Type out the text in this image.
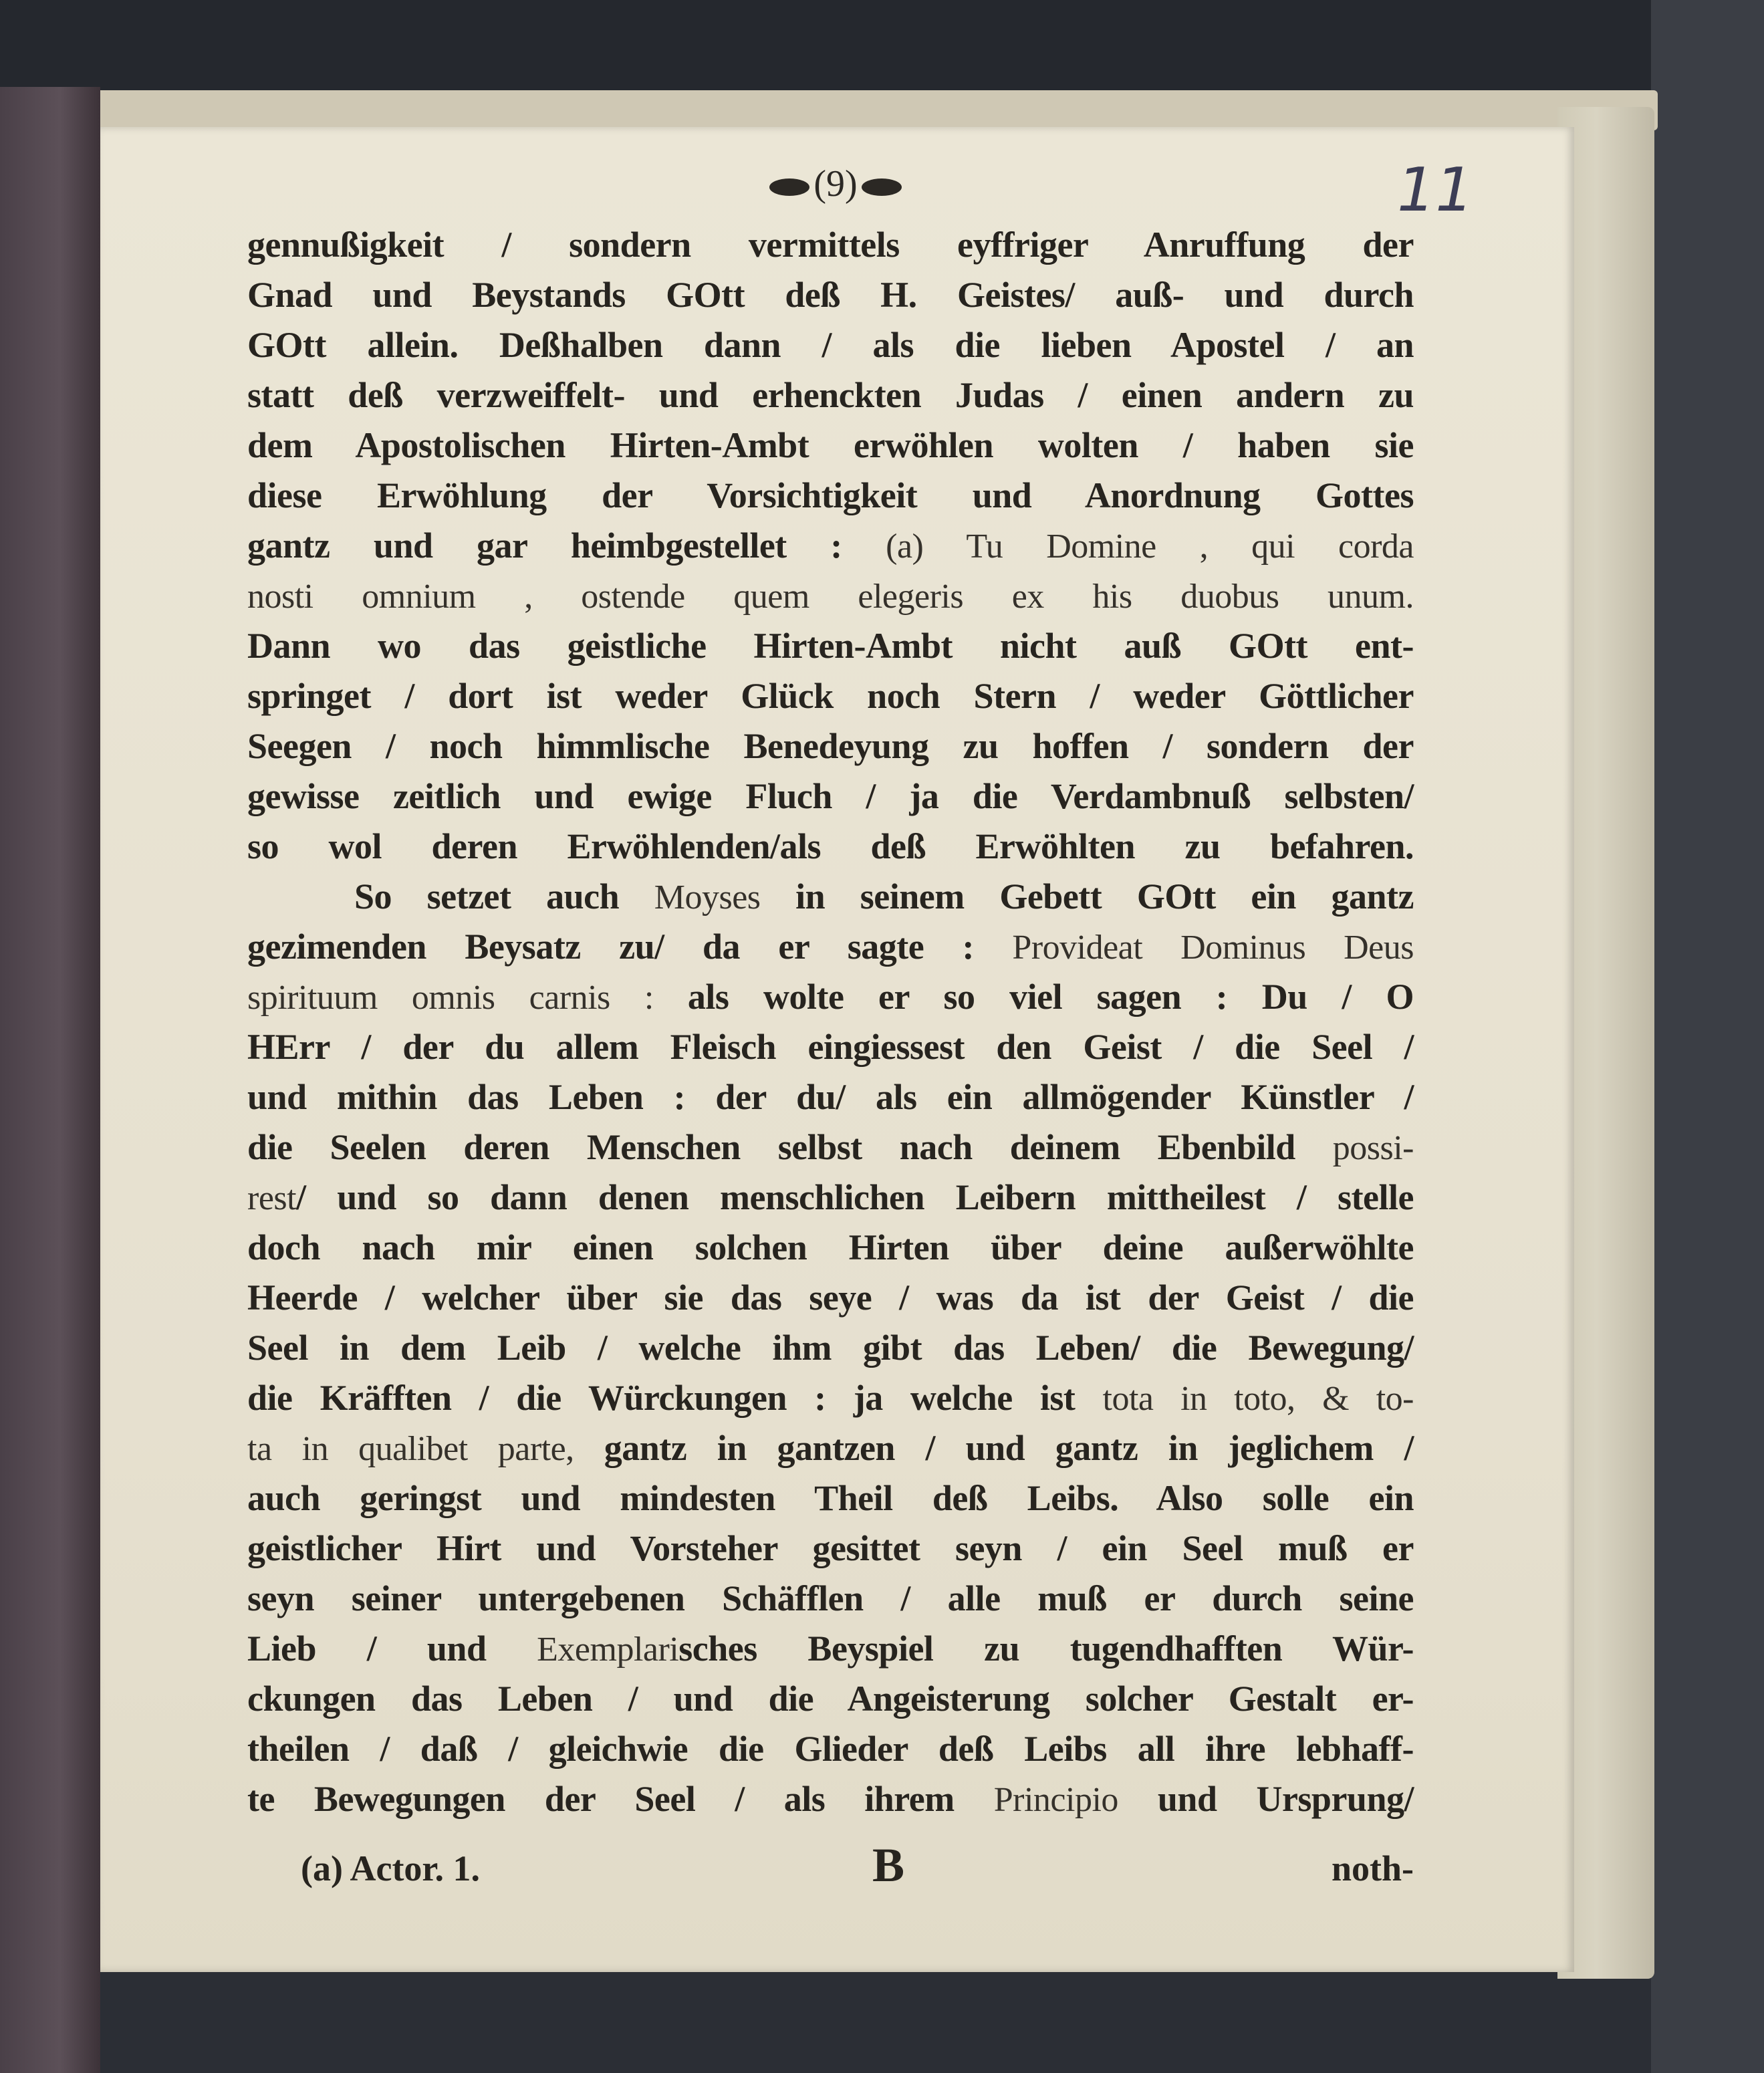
(9)	11
gennußigkeit / sondern vermittels eyffriger Anruffung der
Gnad und Beystands GOtt deß H. Geistes/ auß- und durch
GOtt allein. Deßhalben dann / als die lieben Apostel / an
statt deß verzweiffelt- und erhenckten Judas / einen andern zu
dem Apostolischen Hirten-Ambt erwöhlen wolten / haben sie
diese Erwöhlung der Vorsichtigkeit und Anordnung Gottes
gantz und gar heimbgestellet : (a) Tu Domine , qui corda
nosti omnium , ostende quem elegeris ex his duobus unum.
Dann wo das geistliche Hirten-Ambt nicht auß GOtt ent-
springet / dort ist weder Glück noch Stern / weder Göttlicher
Seegen / noch himmlische Benedeyung zu hoffen / sondern der
gewisse zeitlich und ewige Fluch / ja die Verdambnuß selbsten/
so wol deren Erwöhlenden/als deß Erwöhlten zu befahren.
So setzet auch Moyses in seinem Gebett GOtt ein gantz
gezimenden Beysatz zu/ da er sagte : Provideat Dominus Deus
spirituum omnis carnis : als wolte er so viel sagen : Du / O
HErr / der du allem Fleisch eingiessest den Geist / die Seel /
und mithin das Leben : der du/ als ein allmögender Künstler /
die Seelen deren Menschen selbst nach deinem Ebenbild possi-
rest/ und so dann denen menschlichen Leibern mittheilest / stelle
doch nach mir einen solchen Hirten über deine außerwöhlte
Heerde / welcher über sie das seye / was da ist der Geist / die
Seel in dem Leib / welche ihm gibt das Leben/ die Bewegung/
die Kräfften / die Würckungen : ja welche ist tota in toto, & to-
ta in qualibet parte, gantz in gantzen / und gantz in jeglichem /
auch geringst und mindesten Theil deß Leibs. Also solle ein
geistlicher Hirt und Vorsteher gesittet seyn / ein Seel muß er
seyn seiner untergebenen Schäfflen / alle muß er durch seine
Lieb / und Exemplarisches Beyspiel zu tugendhafften Wür-
ckungen das Leben / und die Angeisterung solcher Gestalt er-
theilen / daß / gleichwie die Glieder deß Leibs all ihre lebhaff-
te Bewegungen der Seel / als ihrem Principio und Ursprung/
(a) Actor. 1.	B	noth-
